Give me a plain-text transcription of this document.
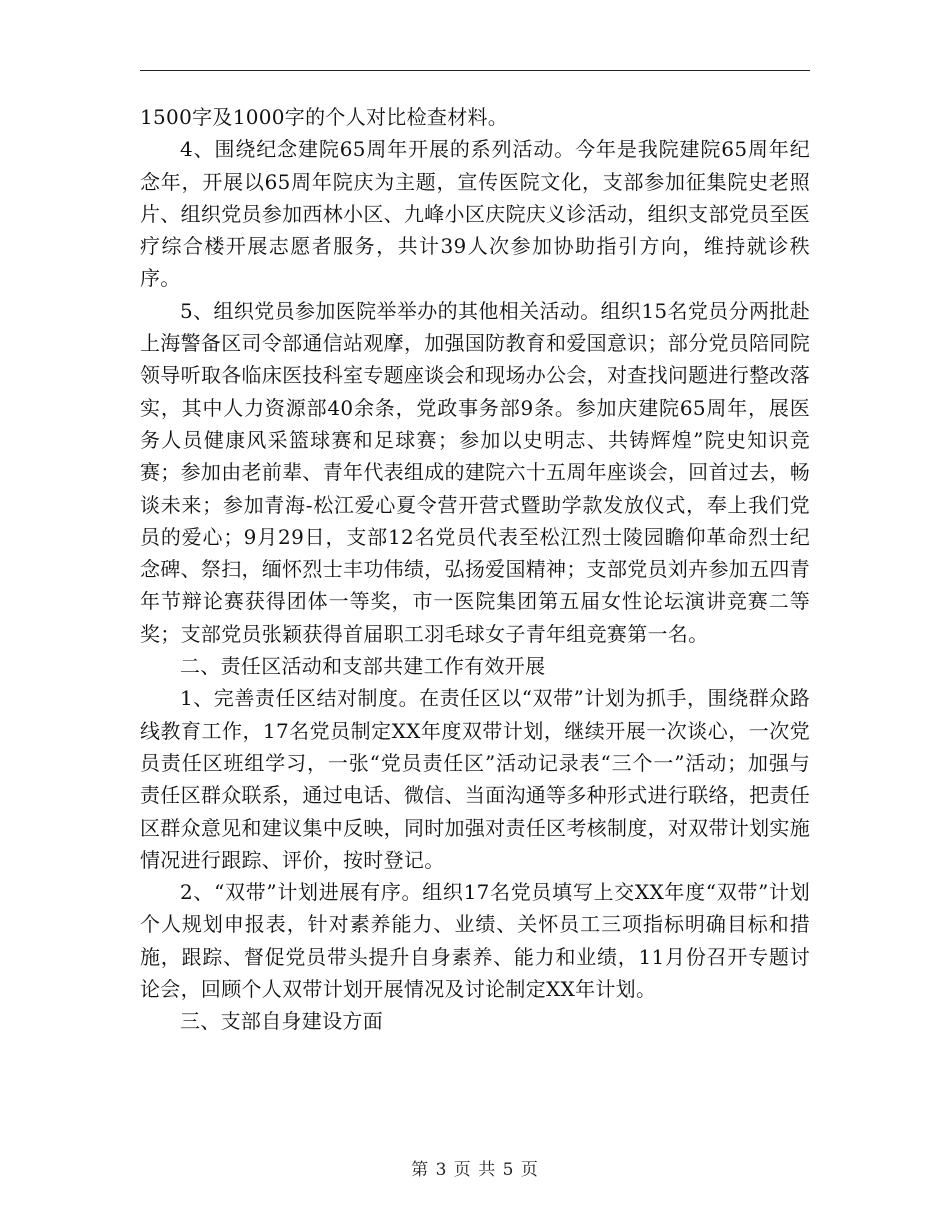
1500字及1000字的个人对比检查材料。

4、围绕纪念建院65周年开展的系列活动。今年是我院建院65周年纪念年，开展以65周年院庆为主题，宣传医院文化，支部参加征集院史老照片、组织党员参加西林小区、九峰小区庆院庆义诊活动，组织支部党员至医疗综合楼开展志愿者服务，共计39人次参加协助指引方向，维持就诊秩序。

5、组织党员参加医院举举办的其他相关活动。组织15名党员分两批赴上海警备区司令部通信站观摩，加强国防教育和爱国意识；部分党员陪同院领导听取各临床医技科室专题座谈会和现场办公会，对查找问题进行整改落实，其中人力资源部40余条，党政事务部9条。参加庆建院65周年，展医务人员健康风采篮球赛和足球赛；参加以史明志、共铸辉煌”院史知识竞赛；参加由老前辈、青年代表组成的建院六十五周年座谈会，回首过去，畅谈未来；参加青海-松江爱心夏令营开营式暨助学款发放仪式，奉上我们党员的爱心；9月29日，支部12名党员代表至松江烈士陵园瞻仰革命烈士纪念碑、祭扫，缅怀烈士丰功伟绩，弘扬爱国精神；支部党员刘卉参加五四青年节辩论赛获得团体一等奖，市一医院集团第五届女性论坛演讲竞赛二等奖；支部党员张颖获得首届职工羽毛球女子青年组竞赛第一名。

二、责任区活动和支部共建工作有效开展

1、完善责任区结对制度。在责任区以“双带”计划为抓手，围绕群众路线教育工作，17名党员制定XX年度双带计划，继续开展一次谈心，一次党员责任区班组学习，一张“党员责任区”活动记录表“三个一”活动；加强与责任区群众联系，通过电话、微信、当面沟通等多种形式进行联络，把责任区群众意见和建议集中反映，同时加强对责任区考核制度，对双带计划实施情况进行跟踪、评价，按时登记。

2、“双带”计划进展有序。组织17名党员填写上交XX年度“双带”计划个人规划申报表，针对素养能力、业绩、关怀员工三项指标明确目标和措施，跟踪、督促党员带头提升自身素养、能力和业绩，11月份召开专题讨论会，回顾个人双带计划开展情况及讨论制定XX年计划。

三、支部自身建设方面

第 3 页 共 5 页
